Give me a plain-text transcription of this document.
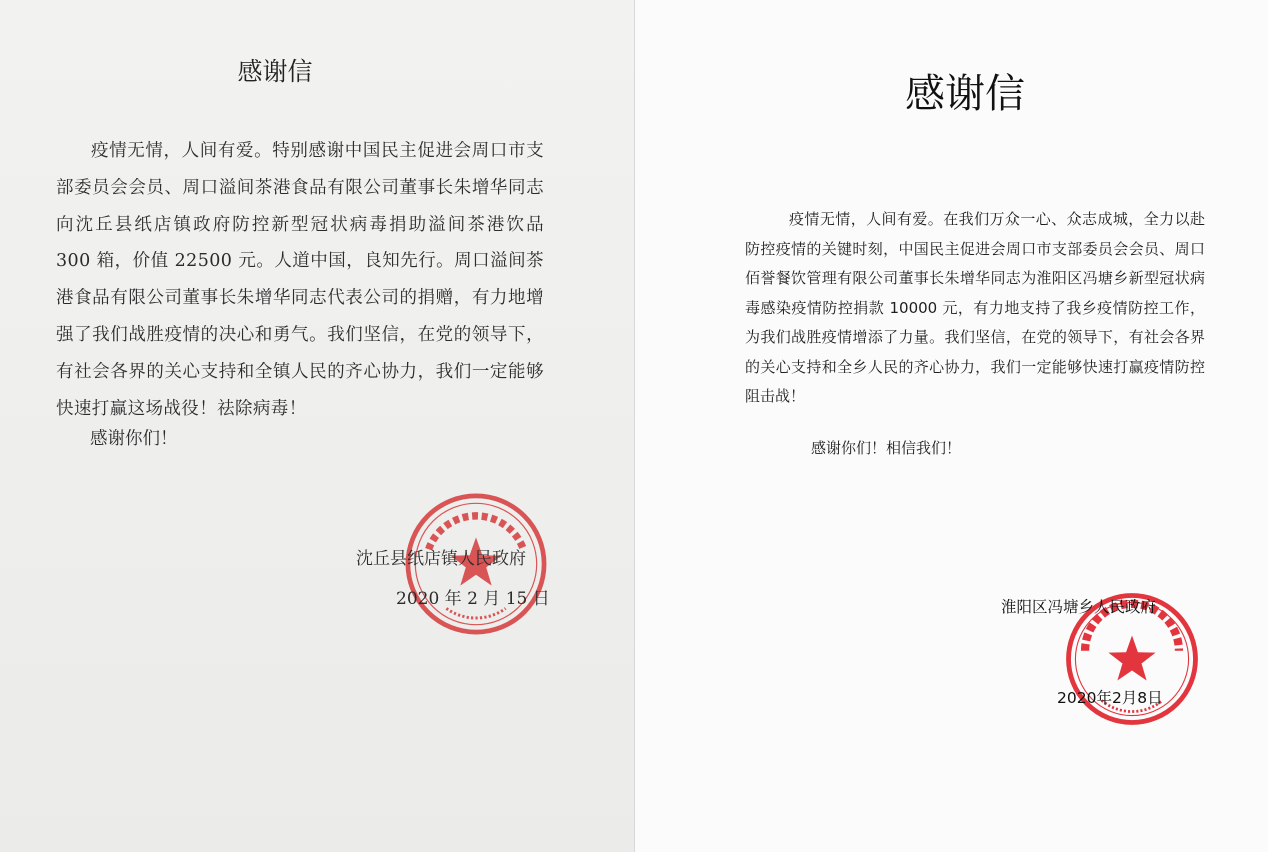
感谢信

疫情无情，人间有爱。特别感谢中国民主促进会周口市支部委员会会员、周口溢间茶港食品有限公司董事长朱增华同志向沈丘县纸店镇政府防控新型冠状病毒捐助溢间茶港饮品 300 箱，价值 22500 元。人道中国，良知先行。周口溢间茶港食品有限公司董事长朱增华同志代表公司的捐赠，有力地增强了我们战胜疫情的决心和勇气。我们坚信，在党的领导下，有社会各界的关心支持和全镇人民的齐心协力，我们一定能够快速打赢这场战役！祛除病毒！

感谢你们！

沈丘县纸店镇人民政府

2020 年 2 月 15 日

感谢信

疫情无情，人间有爱。在我们万众一心、众志成城，全力以赴防控疫情的关键时刻，中国民主促进会周口市支部委员会会员、周口佰誉餐饮管理有限公司董事长朱增华同志为淮阳区冯塘乡新型冠状病毒感染疫情防控捐款 10000 元，有力地支持了我乡疫情防控工作，为我们战胜疫情增添了力量。我们坚信，在党的领导下，有社会各界的关心支持和全乡人民的齐心协力，我们一定能够快速打赢疫情防控阻击战！

感谢你们！相信我们！

淮阳区冯塘乡人民政府

2020年2月8日
